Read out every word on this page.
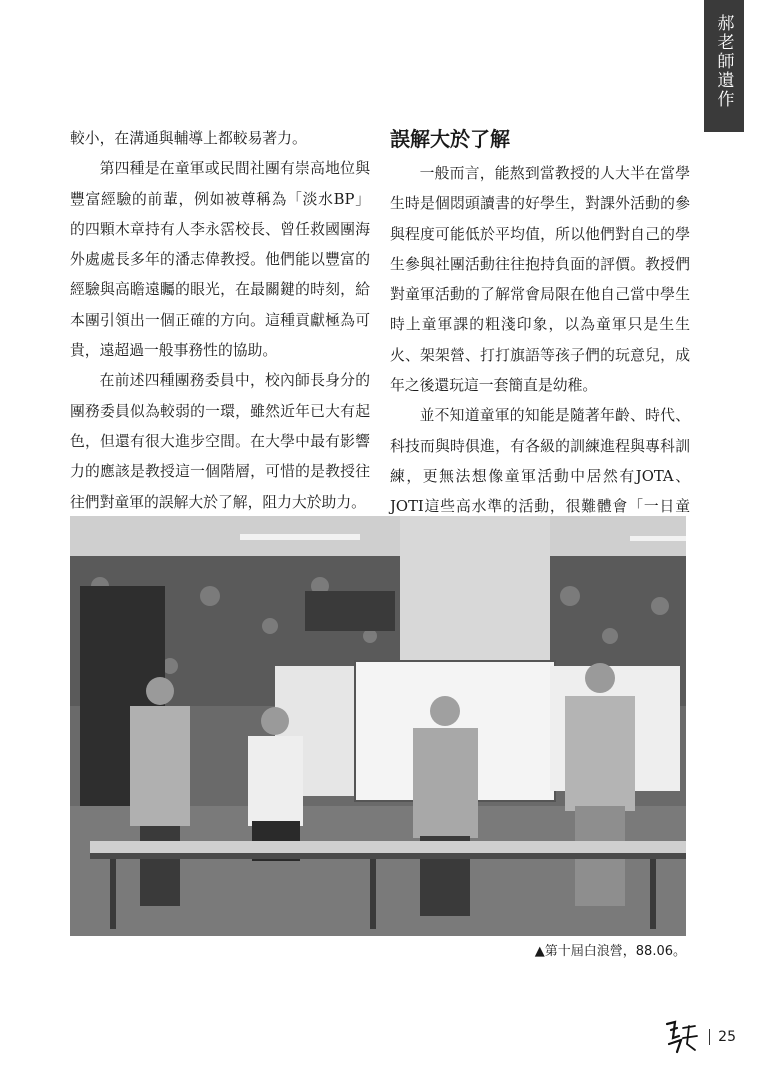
郝老師遺作

較小，在溝通與輔導上都較易著力。

第四種是在童軍或民間社團有崇高地位與豐富經驗的前輩，例如被尊稱為「淡水BP」的四顆木章持有人李永霑校長、曾任救國團海外處處長多年的潘志偉教授。他們能以豐富的經驗與高瞻遠矚的眼光，在最關鍵的時刻，給本團引領出一個正確的方向。這種貢獻極為可貴，遠超過一般事務性的協助。

在前述四種團務委員中，校內師長身分的團務委員似為較弱的一環，雖然近年已大有起色，但還有很大進步空間。在大學中最有影響力的應該是教授這一個階層，可惜的是教授往往們對童軍的誤解大於了解，阻力大於助力。

誤解大於了解

一般而言，能熬到當教授的人大半在當學生時是個悶頭讀書的好學生，對課外活動的參與程度可能低於平均值，所以他們對自己的學生參與社團活動往往抱持負面的評價。教授們對童軍活動的了解常會局限在他自己當中學生時上童軍課的粗淺印象，以為童軍只是生生火、架架營、打打旗語等孩子們的玩意兒，成年之後還玩這一套簡直是幼稚。

並不知道童軍的知能是隨著年齡、時代、科技而與時俱進，有各級的訓練進程與專科訓練，更無法想像童軍活動中居然有JOTA、JOTI這些高水準的活動，很難體會「一日童

▲第十屆白浪營，88.06。
25
